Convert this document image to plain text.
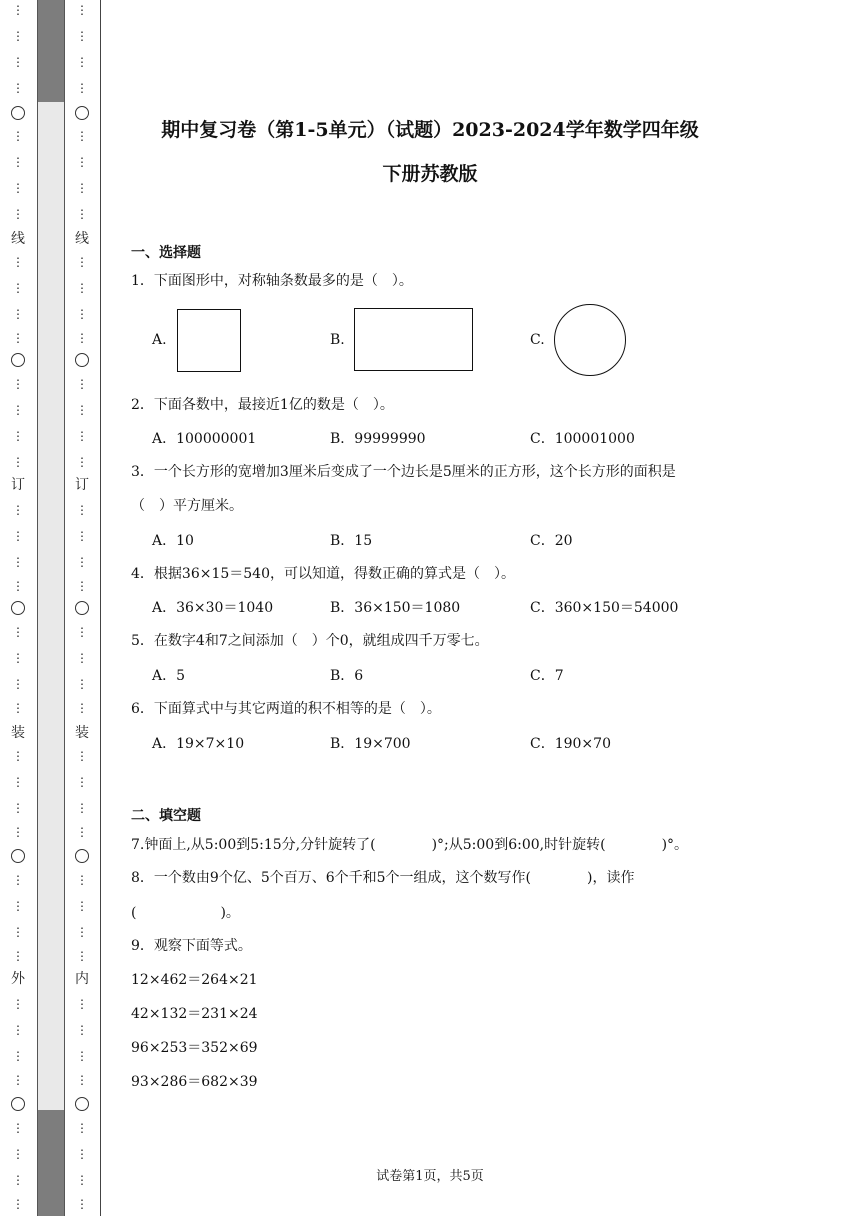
⋮
⋮
⋮
⋮
⋮
⋮
⋮
⋮
线
⋮
⋮
⋮
⋮
⋮
⋮
⋮
⋮
订
⋮
⋮
⋮
⋮
⋮
⋮
⋮
⋮
装
⋮
⋮
⋮
⋮
⋮
⋮
⋮
⋮
外
⋮
⋮
⋮
⋮
⋮
⋮
⋮
⋮
⋮
⋮
⋮
⋮
⋮
⋮
⋮
⋮
线
⋮
⋮
⋮
⋮
⋮
⋮
⋮
⋮
订
⋮
⋮
⋮
⋮
⋮
⋮
⋮
⋮
装
⋮
⋮
⋮
⋮
⋮
⋮
⋮
⋮
内
⋮
⋮
⋮
⋮
⋮
⋮
⋮
⋮
期中复习卷（第1-5单元）（试题）2023-2024学年数学四年级
下册苏教版
一、选择题
1．下面图形中，对称轴条数最多的是（　）。
A.	B.	C.
2．下面各数中，最接近1亿的数是（　）。
A．100000001	B．99999990	C．100001000
3．一个长方形的宽增加3厘米后变成了一个边长是5厘米的正方形，这个长方形的面积是
（　）平方厘米。
A．10	B．15	C．20
4．根据36×15＝540，可以知道，得数正确的算式是（　）。
A．36×30＝1040	B．36×150＝1080	C．360×150＝54000
5．在数字4和7之间添加（　）个0，就组成四千万零七。
A．5	B．6	C．7
6．下面算式中与其它两道的积不相等的是（　）。
A．19×7×10	B．19×700	C．190×70
二、填空题
7.钟面上,从5:00到5:15分,分针旋转了(　　　　)°;从5:00到6:00,时针旋转(　　　　)°。
8．一个数由9个亿、5个百万、6个千和5个一组成，这个数写作(　　　　)，读作
(　　　　　　)。
9．观察下面等式。
12×462＝264×21
42×132＝231×24
96×253＝352×69
93×286＝682×39
试卷第1页，共5页
